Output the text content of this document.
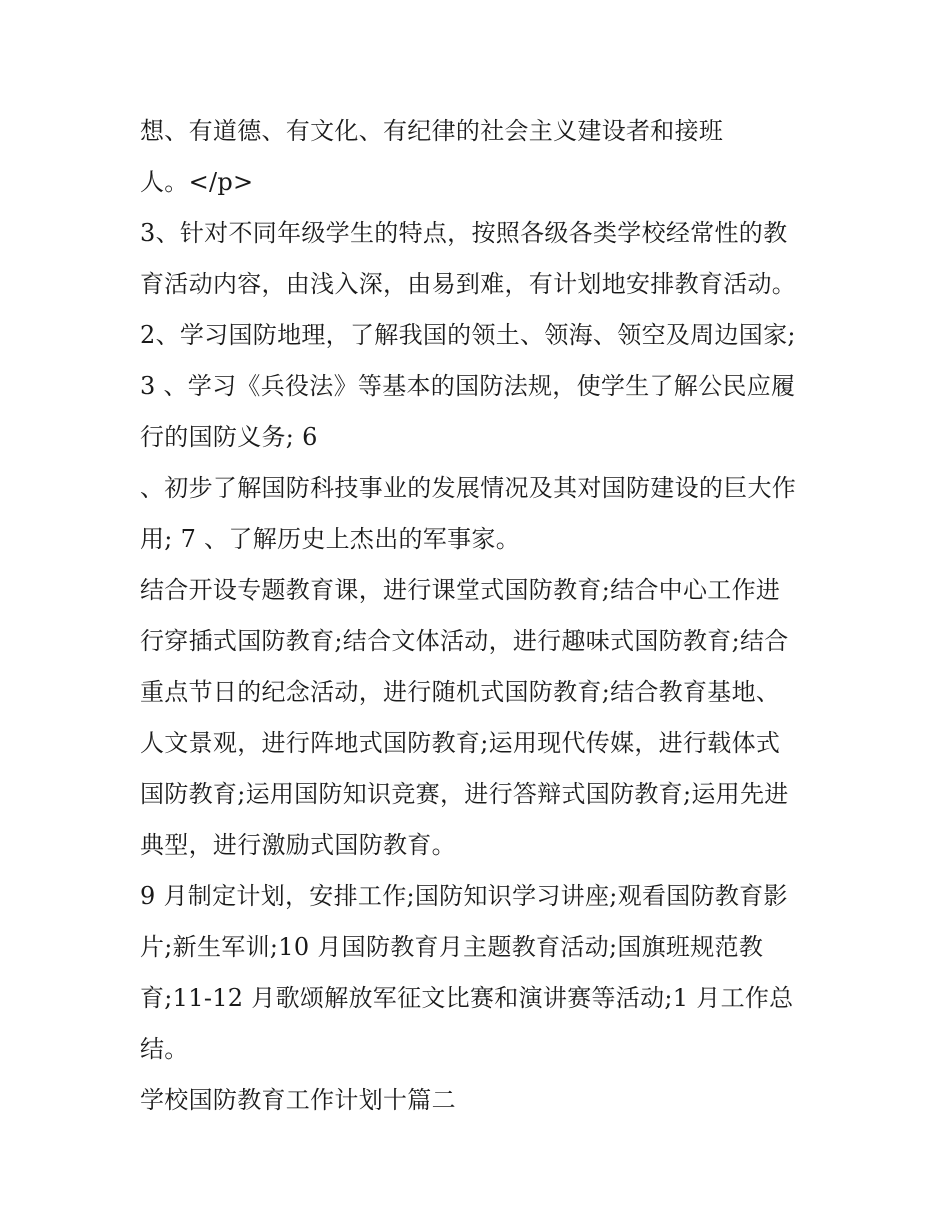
想、有道德、有文化、有纪律的社会主义建设者和接班
人。</p>
3、针对不同年级学生的特点，按照各级各类学校经常性的教
育活动内容，由浅入深，由易到难，有计划地安排教育活动。
2、学习国防地理，了解我国的领土、领海、领空及周边国家;
3 、学习《兵役法》等基本的国防法规，使学生了解公民应履
行的国防义务; 6
、初步了解国防科技事业的发展情况及其对国防建设的巨大作
用; 7 、了解历史上杰出的军事家。
结合开设专题教育课，进行课堂式国防教育;结合中心工作进
行穿插式国防教育;结合文体活动，进行趣味式国防教育;结合
重点节日的纪念活动，进行随机式国防教育;结合教育基地、
人文景观，进行阵地式国防教育;运用现代传媒，进行载体式
国防教育;运用国防知识竞赛，进行答辩式国防教育;运用先进
典型，进行激励式国防教育。
9 月制定计划，安排工作;国防知识学习讲座;观看国防教育影
片;新生军训;10 月国防教育月主题教育活动;国旗班规范教
育;11-12 月歌颂解放军征文比赛和演讲赛等活动;1 月工作总
结。
学校国防教育工作计划十篇二
